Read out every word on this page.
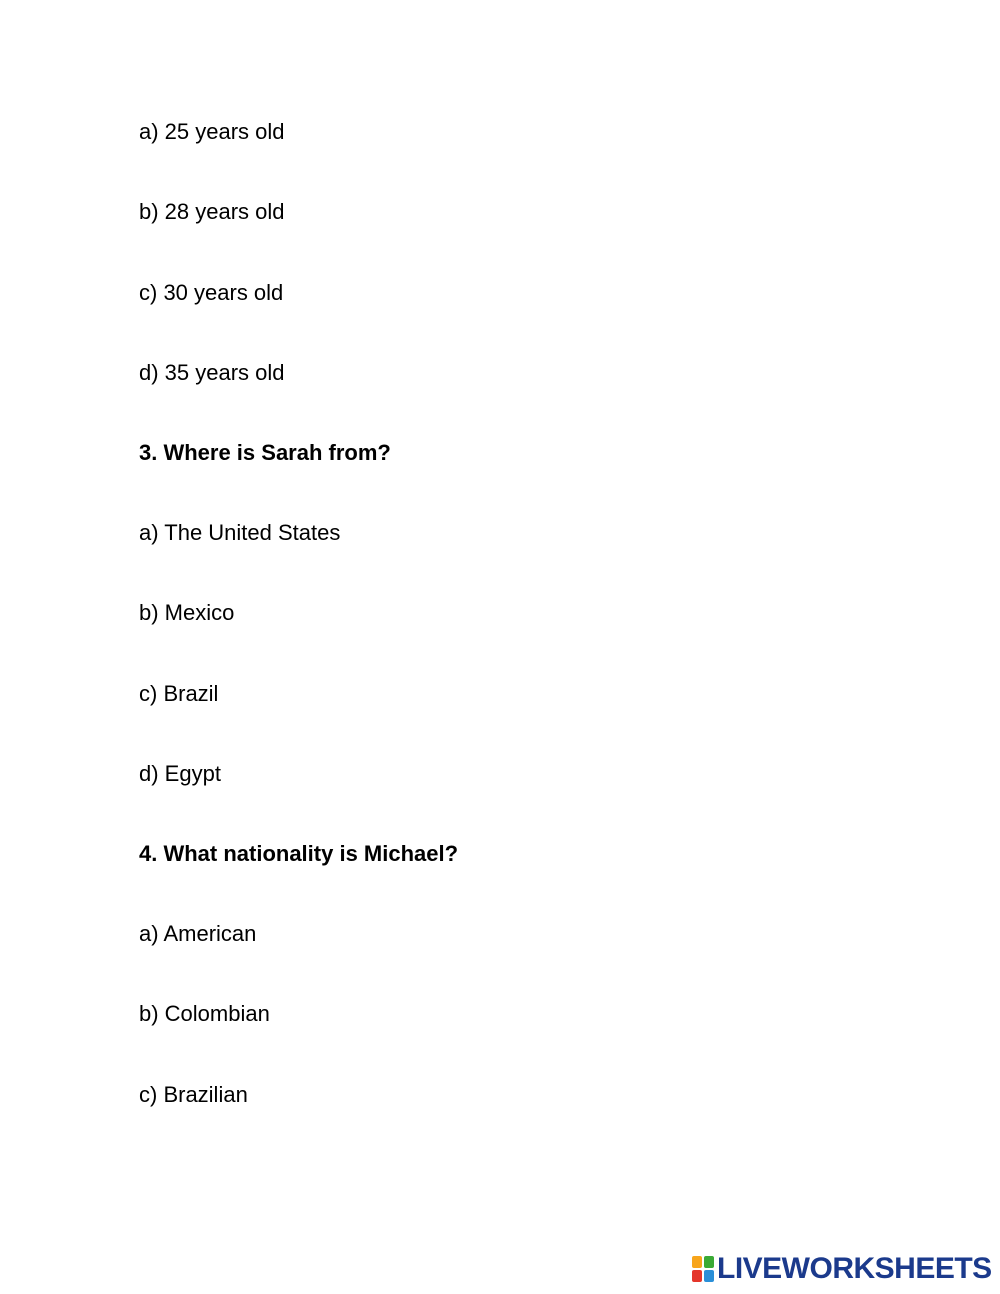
a) 25 years old
b) 28 years old
c) 30 years old
d) 35 years old
3. Where is Sarah from?
a) The United States
b) Mexico
c) Brazil
d) Egypt
4. What nationality is Michael?
a) American
b) Colombian
c) Brazilian
LIVEWORKSHEETS
